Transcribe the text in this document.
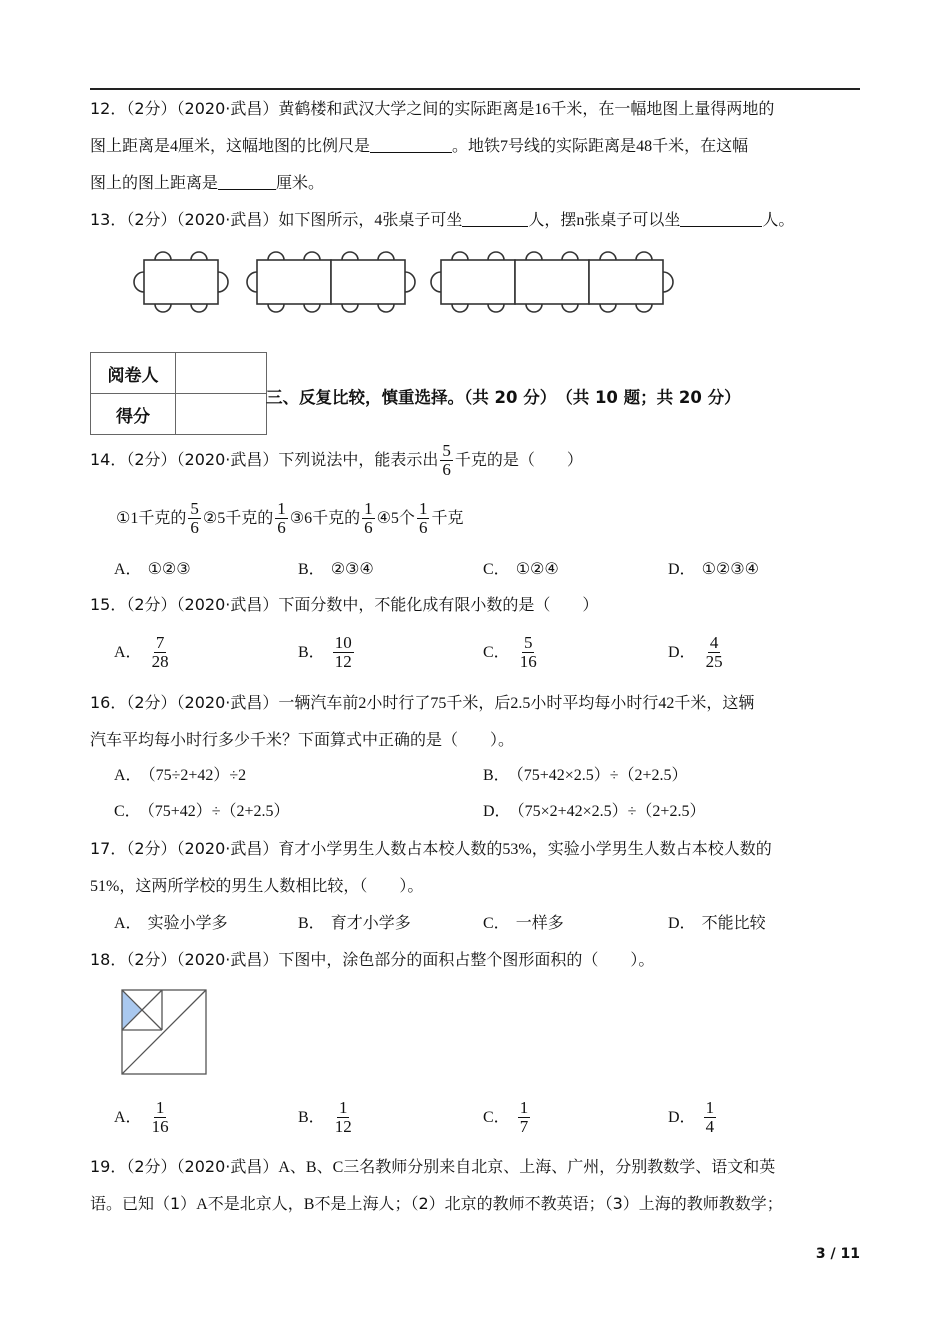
12．（2分）（2020·武昌）黄鹤楼和武汉大学之间的实际距离是16千米，在一幅地图上量得两地的
图上距离是4厘米，这幅地图的比例尺是	。地铁7号线的实际距离是48千米，在这幅
图上的图上距离是	厘米。
13．（2分）（2020·武昌）如下图所示，4张桌子可坐	人，摆n张桌子可以坐	人。
阅卷人	
得分	
三、反复比较，慎重选择。（共 20 分）　（共 10 题；共 20 分）
14．（2分）（2020·武昌）下列说法中，能表示出 $\frac{5}{6}$ 千克的是（　　）
①1千克的 $\frac{5}{6}$ ②5千克的 $\frac{1}{6}$ ③6千克的 $\frac{1}{6}$ ④5个 $\frac{1}{6}$ 千克
A． ①②③	B． ②③④	C． ①②④	D． ①②③④
15．（2分）（2020·武昌）下面分数中，不能化成有限小数的是（　　）
A． $\frac{7}{28}$	B． $\frac{10}{12}$	C． $\frac{5}{16}$	D． $\frac{4}{25}$
16．（2分）（2020·武昌）一辆汽车前2小时行了75千米，后2.5小时平均每小时行42千米，这辆
汽车平均每小时行多少千米？下面算式中正确的是（　　）。
A． （75÷2+42）÷2	B． （75+42×2.5）÷（2+2.5）
C． （75+42）÷（2+2.5）	D． （75×2+42×2.5）÷（2+2.5）
17．（2分）（2020·武昌）育才小学男生人数占本校人数的53%，实验小学男生人数占本校人数的
51%，这两所学校的男生人数相比较，（　　）。
A． 实验小学多	B． 育才小学多	C． 一样多	D． 不能比较
18．（2分）（2020·武昌）下图中，涂色部分的面积占整个图形面积的（　　）。
A． $\frac{1}{16}$	B． $\frac{1}{12}$	C． $\frac{1}{7}$	D． $\frac{1}{4}$
19．（2分）（2020·武昌）A、B、C三名教师分别来自北京、上海、广州，分别教数学、语文和英
语。已知（1）A不是北京人，B不是上海人；（2）北京的教师不教英语；（3）上海的教师教数学；
3 / 11
